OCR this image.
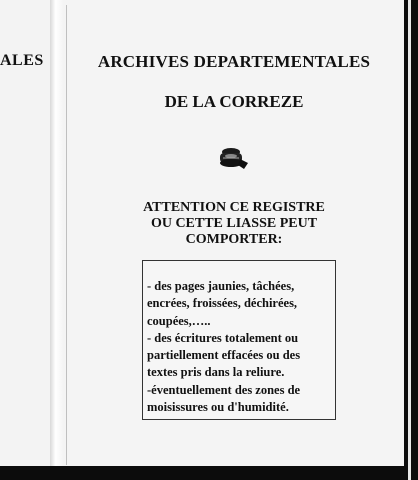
ALES	ARCHIVES DEPARTEMENTALES
DE LA CORREZE
ATTENTION CE REGISTRE
OU CETTE LIASSE PEUT
COMPORTER:
- des pages jaunies, tâchées,
encrées, froissées, déchirées,
coupées,…..
- des écritures totalement ou
partiellement effacées ou des
textes pris dans la reliure.
-éventuellement des zones de
moisissures ou d'humidité.
